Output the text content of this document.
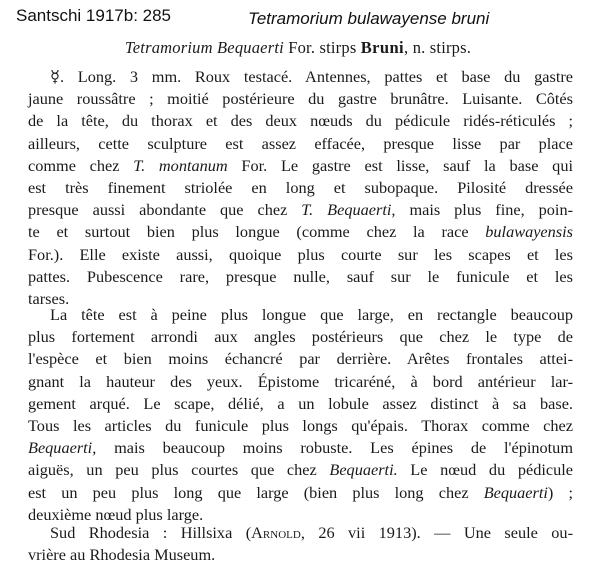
Santschi 1917b: 285	Tetramorium bulawayense bruni
Tetramorium Bequaerti For. stirps Bruni, n. stirps.
☿. Long. 3 mm. Roux testacé. Antennes, pattes et base du gastre
jaune roussâtre ; moitié postérieure du gastre brunâtre. Luisante. Côtés
de la tête, du thorax et des deux nœuds du pédicule ridés-réticulés ;
ailleurs, cette sculpture est assez effacée, presque lisse par place
comme chez T. montanum For. Le gastre est lisse, sauf la base qui
est très finement striolée en long et subopaque. Pilosité dressée
presque aussi abondante que chez T. Bequaerti, mais plus fine, poin-
te et surtout bien plus longue (comme chez la race bulawayensis
For.). Elle existe aussi, quoique plus courte sur les scapes et les
pattes. Pubescence rare, presque nulle, sauf sur le funicule et les
tarses.
La tête est à peine plus longue que large, en rectangle beaucoup
plus fortement arrondi aux angles postérieurs que chez le type de
l'espèce et bien moins échancré par derrière. Arêtes frontales attei-
gnant la hauteur des yeux. Épistome tricaréné, à bord antérieur lar-
gement arqué. Le scape, délié, a un lobule assez distinct à sa base.
Tous les articles du funicule plus longs qu'épais. Thorax comme chez
Bequaerti, mais beaucoup moins robuste. Les épines de l'épinotum
aiguës, un peu plus courtes que chez Bequaerti. Le nœud du pédicule
est un peu plus long que large (bien plus long chez Bequaerti) ;
deuxième nœud plus large.
Sud Rhodesia : Hillsixa (Arnold, 26 vii 1913). — Une seule ou-
vrière au Rhodesia Museum.
